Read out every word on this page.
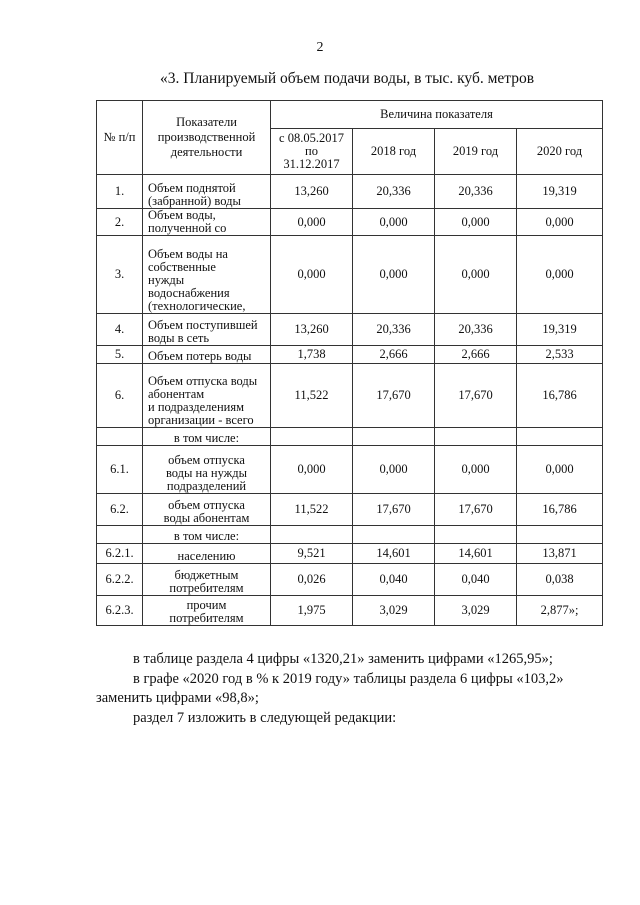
2
«3. Планируемый объем подачи воды, в тыс. куб. метров
№ п/п	Показатели
производственной
деятельности	Величина показателя			

		с 08.05.2017
по
31.12.2017	2018 год	2019 год	2020 год
1.	Объем поднятой
(забранной) воды	13,260	20,336	20,336	19,319
2.	Объем воды,
полученной со	0,000	0,000	0,000	0,000
3.	Объем воды на
собственные
нужды
водоснабжения
(технологические,	0,000	0,000	0,000	0,000
4.	Объем поступившей
воды в сеть	13,260	20,336	20,336	19,319
5.	Объем потерь воды	1,738	2,666	2,666	2,533
6.	Объем отпуска воды
абонентам
и подразделениям
организации - всего	11,522	17,670	17,670	16,786

	в том числе:				

6.1.	объем отпуска
воды на нужды
подразделений	0,000	0,000	0,000	0,000
6.2.	объем отпуска
воды абонентам	11,522	17,670	17,670	16,786

	в том числе:				

6.2.1.	населению	9,521	14,601	14,601	13,871
6.2.2.	бюджетным
потребителям	0,026	0,040	0,040	0,038
6.2.3.	прочим
потребителям	1,975	3,029	3,029	2,877»;
в таблице раздела 4 цифры «1320,21» заменить цифрами «1265,95»;
в графе «2020 год в % к 2019 году» таблицы раздела 6 цифры «103,2»
заменить цифрами «98,8»;
раздел 7 изложить в следующей редакции:
